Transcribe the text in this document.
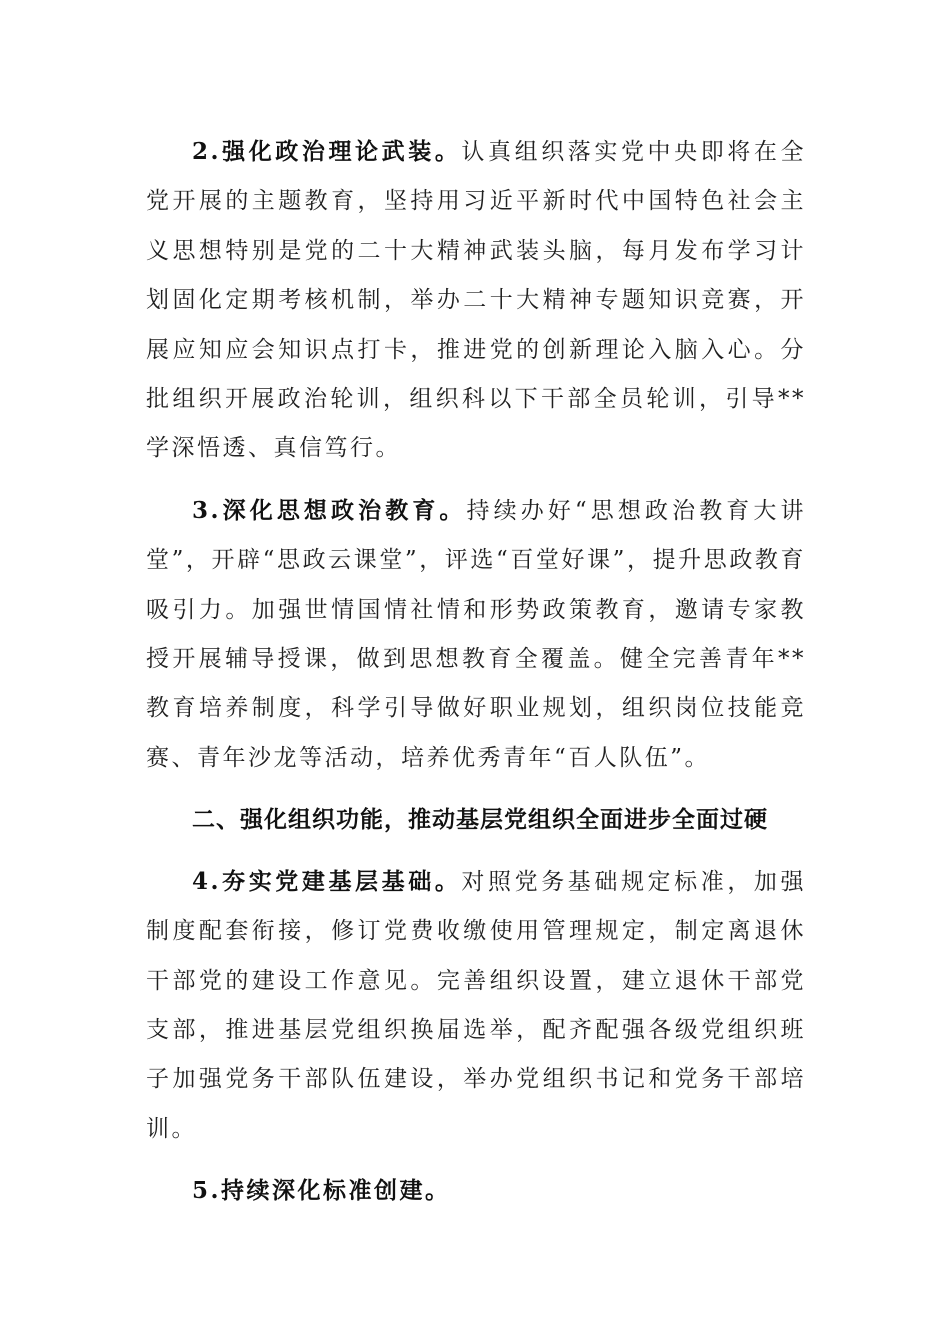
2.强化政治理论武装。认真组织落实党中央即将在全党开展的主题教育，坚持用习近平新时代中国特色社会主义思想特别是党的二十大精神武装头脑，每月发布学习计划固化定期考核机制，举办二十大精神专题知识竞赛，开展应知应会知识点打卡，推进党的创新理论入脑入心。分批组织开展政治轮训，组织科以下干部全员轮训，引导**学深悟透、真信笃行。

3.深化思想政治教育。持续办好“思想政治教育大讲堂”，开辟“思政云课堂”，评选“百堂好课”，提升思政教育吸引力。加强世情国情社情和形势政策教育，邀请专家教授开展辅导授课，做到思想教育全覆盖。健全完善青年**教育培养制度，科学引导做好职业规划，组织岗位技能竞赛、青年沙龙等活动，培养优秀青年“百人队伍”。

二、强化组织功能，推动基层党组织全面进步全面过硬

4.夯实党建基层基础。对照党务基础规定标准，加强制度配套衔接，修订党费收缴使用管理规定，制定离退休干部党的建设工作意见。完善组织设置，建立退休干部党支部，推进基层党组织换届选举，配齐配强各级党组织班子加强党务干部队伍建设，举办党组织书记和党务干部培训。

5.持续深化标准创建。
